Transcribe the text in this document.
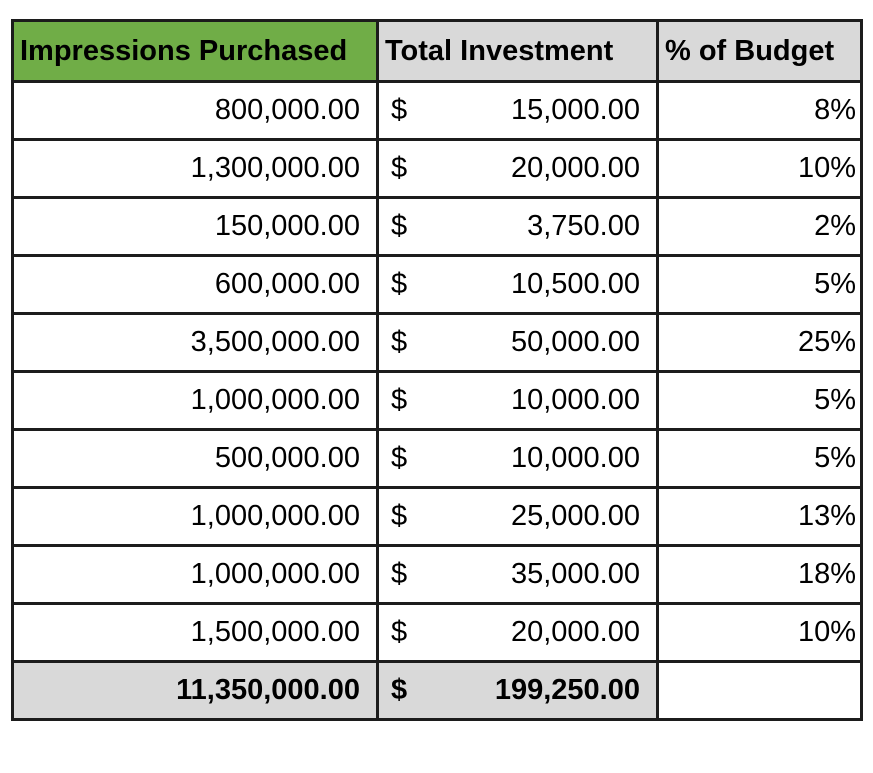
Impressions Purchased	Total Investment	% of Budget
800,000.00	$ 15,000.00	8%
1,300,000.00	$ 20,000.00	10%
150,000.00	$ 3,750.00	2%
600,000.00	$ 10,500.00	5%
3,500,000.00	$ 50,000.00	25%
1,000,000.00	$ 10,000.00	5%
500,000.00	$ 10,000.00	5%
1,000,000.00	$ 25,000.00	13%
1,000,000.00	$ 35,000.00	18%
1,500,000.00	$ 20,000.00	10%
11,350,000.00	$ 199,250.00	
